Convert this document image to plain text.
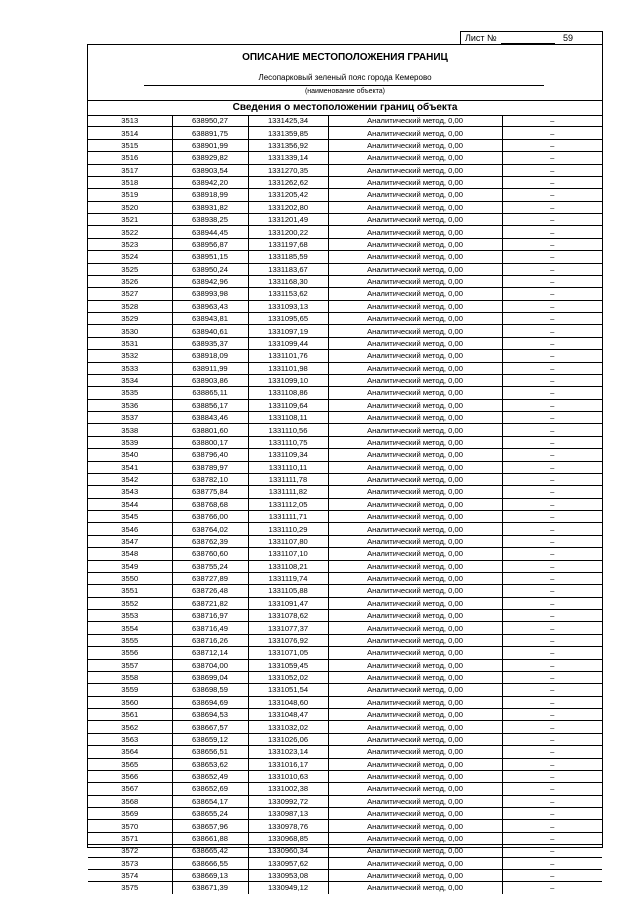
Лист №	59
ОПИСАНИЕ МЕСТОПОЛОЖЕНИЯ ГРАНИЦ
Лесопарковый зеленый пояс города Кемерово
(наименование объекта)
Сведения о местоположении границ объекта
3513	638950,27	1331425,34	Аналитический метод, 0,00	–
3514	638891,75	1331359,85	Аналитический метод, 0,00	–
3515	638901,99	1331356,92	Аналитический метод, 0,00	–
3516	638929,82	1331339,14	Аналитический метод, 0,00	–
3517	638903,54	1331270,35	Аналитический метод, 0,00	–
3518	638942,20	1331262,62	Аналитический метод, 0,00	–
3519	638918,99	1331205,42	Аналитический метод, 0,00	–
3520	638931,82	1331202,80	Аналитический метод, 0,00	–
3521	638938,25	1331201,49	Аналитический метод, 0,00	–
3522	638944,45	1331200,22	Аналитический метод, 0,00	–
3523	638956,87	1331197,68	Аналитический метод, 0,00	–
3524	638951,15	1331185,59	Аналитический метод, 0,00	–
3525	638950,24	1331183,67	Аналитический метод, 0,00	–
3526	638942,96	1331168,30	Аналитический метод, 0,00	–
3527	638993,98	1331153,62	Аналитический метод, 0,00	–
3528	638963,43	1331093,13	Аналитический метод, 0,00	–
3529	638943,81	1331095,65	Аналитический метод, 0,00	–
3530	638940,61	1331097,19	Аналитический метод, 0,00	–
3531	638935,37	1331099,44	Аналитический метод, 0,00	–
3532	638918,09	1331101,76	Аналитический метод, 0,00	–
3533	638911,99	1331101,98	Аналитический метод, 0,00	–
3534	638903,86	1331099,10	Аналитический метод, 0,00	–
3535	638865,11	1331108,86	Аналитический метод, 0,00	–
3536	638856,17	1331109,64	Аналитический метод, 0,00	–
3537	638843,46	1331108,11	Аналитический метод, 0,00	–
3538	638801,60	1331110,56	Аналитический метод, 0,00	–
3539	638800,17	1331110,75	Аналитический метод, 0,00	–
3540	638796,40	1331109,34	Аналитический метод, 0,00	–
3541	638789,97	1331110,11	Аналитический метод, 0,00	–
3542	638782,10	1331111,78	Аналитический метод, 0,00	–
3543	638775,84	1331111,82	Аналитический метод, 0,00	–
3544	638768,68	1331112,05	Аналитический метод, 0,00	–
3545	638766,00	1331111,71	Аналитический метод, 0,00	–
3546	638764,02	1331110,29	Аналитический метод, 0,00	–
3547	638762,39	1331107,80	Аналитический метод, 0,00	–
3548	638760,60	1331107,10	Аналитический метод, 0,00	–
3549	638755,24	1331108,21	Аналитический метод, 0,00	–
3550	638727,89	1331119,74	Аналитический метод, 0,00	–
3551	638726,48	1331105,88	Аналитический метод, 0,00	–
3552	638721,82	1331091,47	Аналитический метод, 0,00	–
3553	638716,97	1331078,62	Аналитический метод, 0,00	–
3554	638716,49	1331077,37	Аналитический метод, 0,00	–
3555	638716,26	1331076,92	Аналитический метод, 0,00	–
3556	638712,14	1331071,05	Аналитический метод, 0,00	–
3557	638704,00	1331059,45	Аналитический метод, 0,00	–
3558	638699,04	1331052,02	Аналитический метод, 0,00	–
3559	638698,59	1331051,54	Аналитический метод, 0,00	–
3560	638694,69	1331048,60	Аналитический метод, 0,00	–
3561	638694,53	1331048,47	Аналитический метод, 0,00	–
3562	638667,57	1331032,02	Аналитический метод, 0,00	–
3563	638659,12	1331026,06	Аналитический метод, 0,00	–
3564	638656,51	1331023,14	Аналитический метод, 0,00	–
3565	638653,62	1331016,17	Аналитический метод, 0,00	–
3566	638652,49	1331010,63	Аналитический метод, 0,00	–
3567	638652,69	1331002,38	Аналитический метод, 0,00	–
3568	638654,17	1330992,72	Аналитический метод, 0,00	–
3569	638655,24	1330987,13	Аналитический метод, 0,00	–
3570	638657,96	1330978,76	Аналитический метод, 0,00	–
3571	638661,88	1330968,85	Аналитический метод, 0,00	–
3572	638665,42	1330960,34	Аналитический метод, 0,00	–
3573	638666,55	1330957,62	Аналитический метод, 0,00	–
3574	638669,13	1330953,08	Аналитический метод, 0,00	–
3575	638671,39	1330949,12	Аналитический метод, 0,00	–
